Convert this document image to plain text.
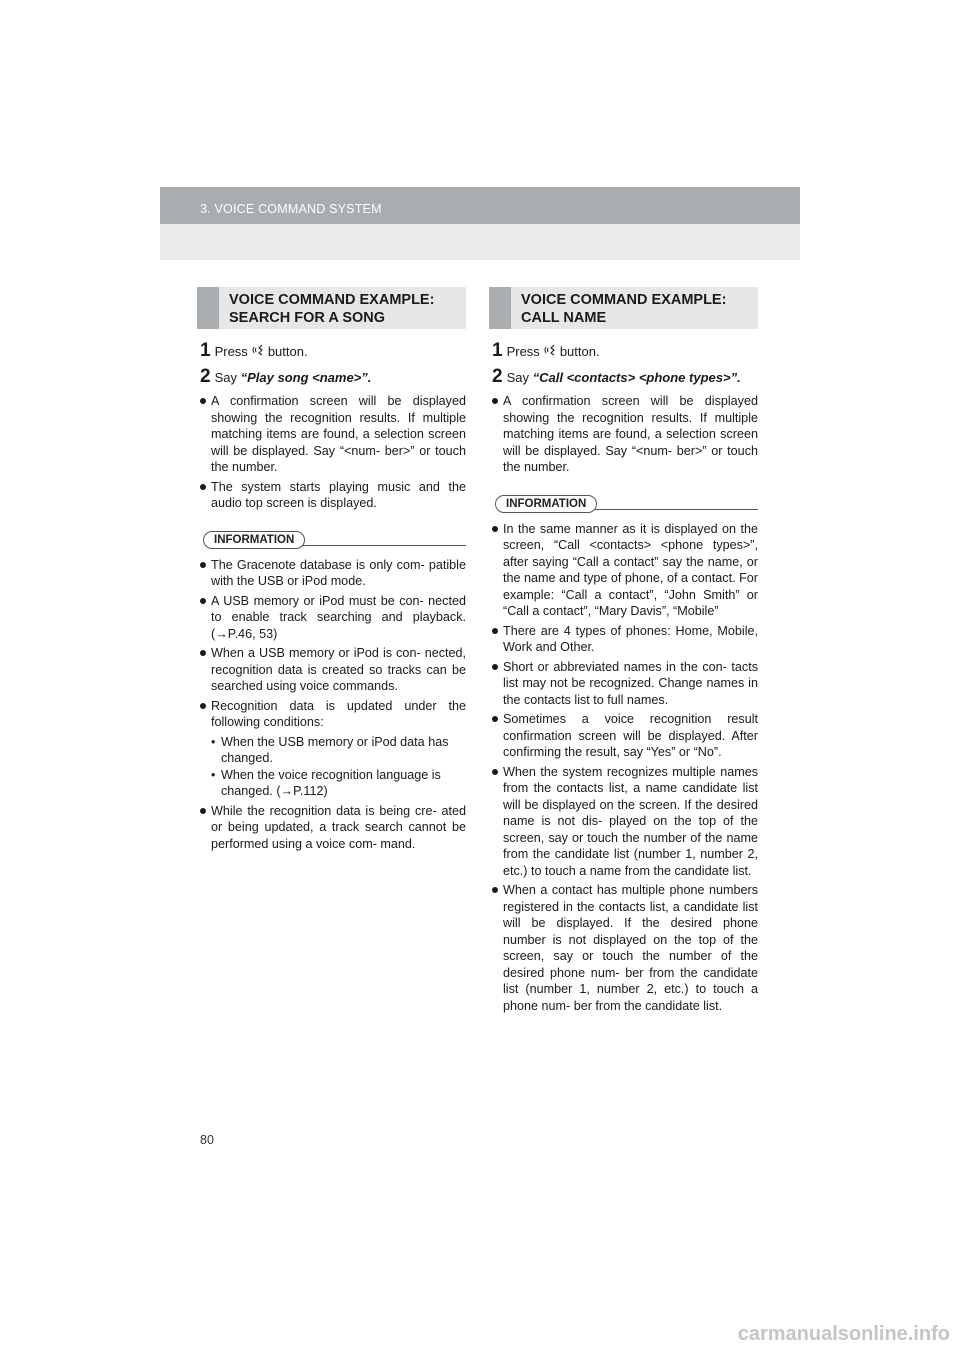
3. VOICE COMMAND SYSTEM
VOICE COMMAND EXAMPLE:
SEARCH FOR A SONG
1 Press button.
2 Say
“Play song <name>”.
A confirmation screen will be displayed showing the recognition results. If multiple matching items are found, a selection screen will be displayed. Say “<num- ber>” or touch the number.
The system starts playing music and the audio top screen is displayed.
INFORMATION
The Gracenote database is only com- patible with the USB or iPod mode.
A USB memory or iPod must be con- nected to enable track searching and playback. (→P.46, 53)
When a USB memory or iPod is con- nected, recognition data is created so tracks can be searched using voice commands.
Recognition data is updated under the following conditions:
• When the USB memory or iPod data has changed.
• When the voice recognition language is changed. (→P.112)
While the recognition data is being cre- ated or being updated, a track search cannot be performed using a voice com- mand.
VOICE COMMAND EXAMPLE:
CALL NAME
1 Press button.
2 Say
“Call <contacts> <phone types>”.
A confirmation screen will be displayed showing the recognition results. If multiple matching items are found, a selection screen will be displayed. Say “<num- ber>” or touch the number.
INFORMATION
In the same manner as it is displayed on the screen, “Call <contacts> <phone types>”, after saying “Call a contact” say the name, or the name and type of phone, of a contact. For example: “Call a contact”, “John Smith” or “Call a contact”, “Mary Davis”, “Mobile”
There are 4 types of phones: Home, Mobile, Work and Other.
Short or abbreviated names in the con- tacts list may not be recognized. Change names in the contacts list to full names.
Sometimes a voice recognition result confirmation screen will be displayed. After confirming the result, say “Yes” or “No”.
When the system recognizes multiple names from the contacts list, a name candidate list will be displayed on the screen. If the desired name is not dis- played on the top of the screen, say or touch the number of the name from the candidate list (number 1, number 2, etc.) to touch a name from the candidate list.
When a contact has multiple phone numbers registered in the contacts list, a candidate list will be displayed. If the desired phone number is not displayed on the top of the screen, say or touch the number of the desired phone num- ber from the candidate list (number 1, number 2, etc.) to touch a phone num- ber from the candidate list.
80
carmanualsonline.info
